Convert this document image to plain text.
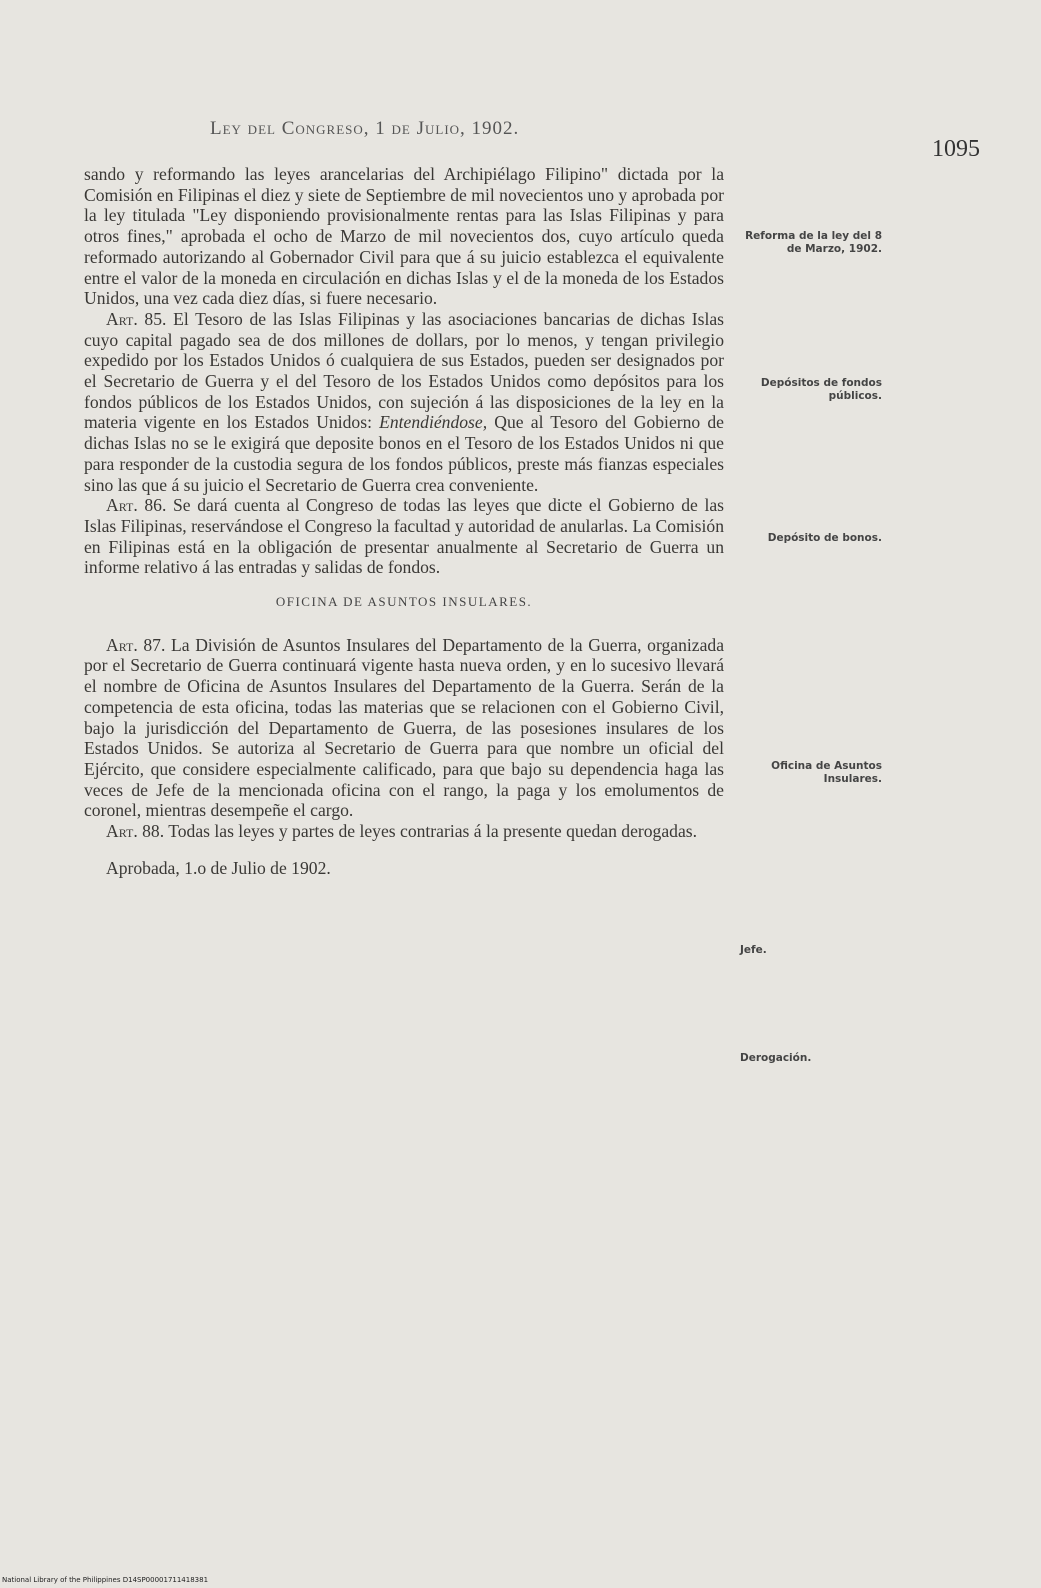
Ley del Congreso, 1 de Julio, 1902.
1095

sando y reformando las leyes arancelarias del Archipiélago Filipino" dictada por la Comisión en Filipinas el diez y siete de Septiembre de mil novecientos uno y aprobada por la ley titulada "Ley disponiendo provisionalmente rentas para las Islas Filipinas y para otros fines," aprobada el ocho de Marzo de mil novecientos dos, cuyo artículo queda reformado autorizando al Gobernador Civil para que á su juicio establezca el equivalente entre el valor de la moneda en circulación en dichas Islas y el de la moneda de los Estados Unidos, una vez cada diez días, si fuere necesario.

Art. 85. El Tesoro de las Islas Filipinas y las asociaciones bancarias de dichas Islas cuyo capital pagado sea de dos millones de dollars, por lo menos, y tengan privilegio expedido por los Estados Unidos ó cualquiera de sus Estados, pueden ser designados por el Secretario de Guerra y el del Tesoro de los Estados Unidos como depósitos para los fondos públicos de los Estados Unidos, con sujeción á las disposiciones de la ley en la materia vigente en los Estados Unidos: Entendiéndose, Que al Tesoro del Gobierno de dichas Islas no se le exigirá que deposite bonos en el Tesoro de los Estados Unidos ni que para responder de la custodia segura de los fondos públicos, preste más fianzas especiales sino las que á su juicio el Secretario de Guerra crea conveniente.

Art. 86. Se dará cuenta al Congreso de todas las leyes que dicte el Gobierno de las Islas Filipinas, reservándose el Congreso la facultad y autoridad de anularlas. La Comisión en Filipinas está en la obligación de presentar anualmente al Secretario de Guerra un informe relativo á las entradas y salidas de fondos.

OFICINA DE ASUNTOS INSULARES.

Art. 87. La División de Asuntos Insulares del Departamento de la Guerra, organizada por el Secretario de Guerra continuará vigente hasta nueva orden, y en lo sucesivo llevará el nombre de Oficina de Asuntos Insulares del Departamento de la Guerra. Serán de la competencia de esta oficina, todas las materias que se relacionen con el Gobierno Civil, bajo la jurisdicción del Departamento de Guerra, de las posesiones insulares de los Estados Unidos. Se autoriza al Secretario de Guerra para que nombre un oficial del Ejército, que considere especialmente calificado, para que bajo su dependencia haga las veces de Jefe de la mencionada oficina con el rango, la paga y los emolumentos de coronel, mientras desempeñe el cargo.

Art. 88. Todas las leyes y partes de leyes contrarias á la presente quedan derogadas.

Aprobada, 1.o de Julio de 1902.

Reforma de la ley del 8 de Marzo, 1902.
Depósitos de fondos públicos.
Depósito de bonos.
Oficina de Asuntos Insulares.
Jefe.
Derogación.
National Library of the Philippines D14SP00001711418381
